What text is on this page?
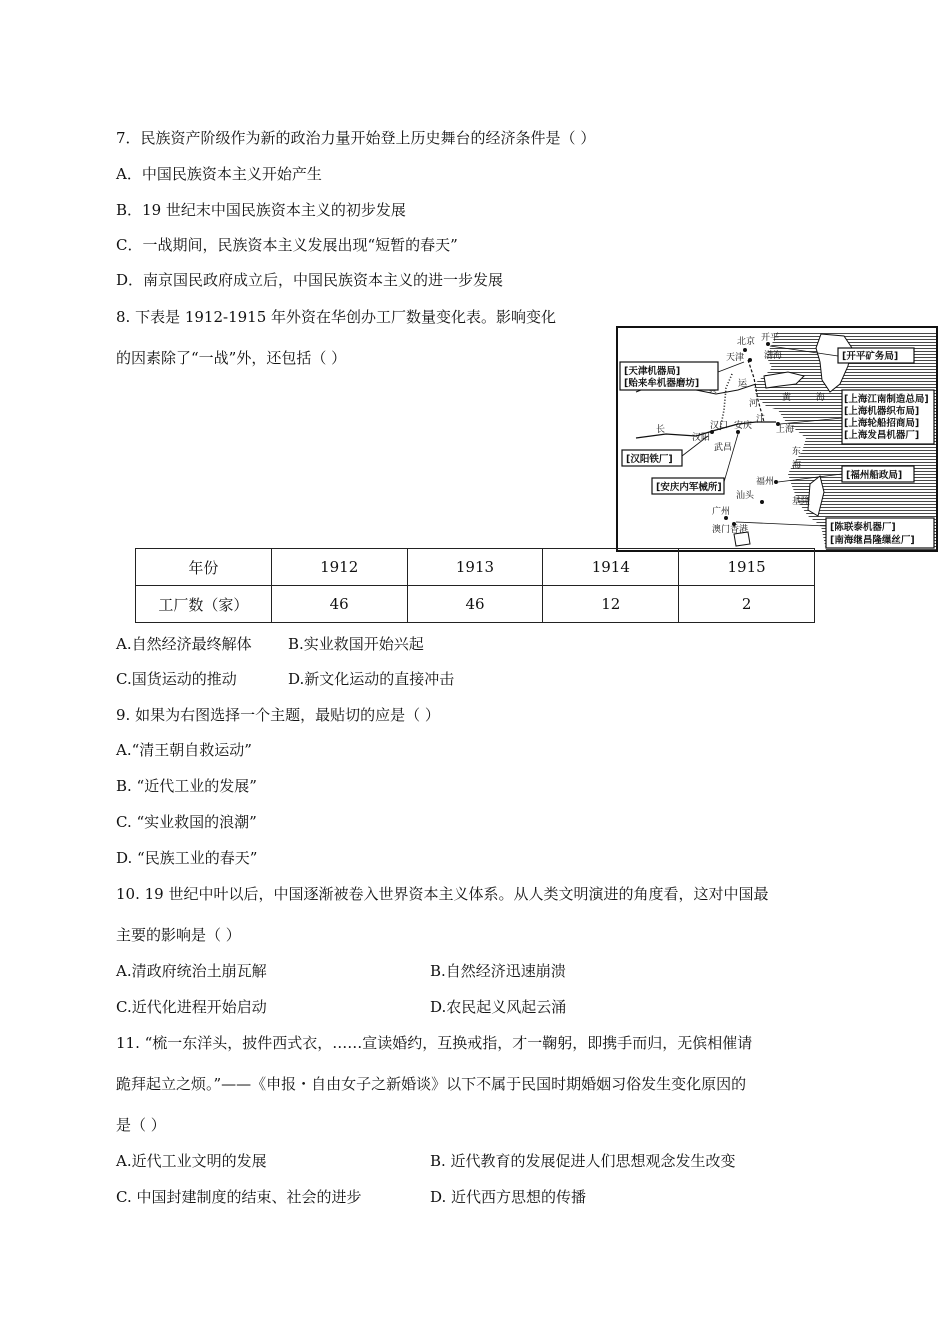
7．民族资产阶级作为新的政治力量开始登上历史舞台的经济条件是（ ）
A．中国民族资本主义开始产生
B．19 世纪末中国民族资本主义的初步发展
C．一战期间，民族资本主义发展出现“短暂的春天”
D．南京国民政府成立后，中国民族资本主义的进一步发展
8. 下表是 1912-1915 年外资在华创办工厂数量变化表。影响变化
的因素除了“一战”外，还包括（ ）
北京 开平
天津 渤海
运
河
黄	海
长
江
汉阳
汉口 安庆
武昌
上海
东
海
福州
汕头
基隆
广州
澳门 香港
[天津机器局]
[贻来牟机器磨坊]
[开平矿务局]
[上海江南制造总局]
[上海机器织布局]
[上海轮船招商局]
[上海发昌机器厂]
[汉阳铁厂]
[福州船政局]
[安庆内军械所]
[陈联泰机器厂]
[南海继昌隆缫丝厂]
年份	1912	1913	1914	1915
工厂数（家）	46	46	12	2
A.自然经济最终解体 B.实业救国开始兴起
C.国货运动的推动	D.新文化运动的直接冲击
9. 如果为右图选择一个主题，最贴切的应是（ ）
A.“清王朝自救运动”
B. “近代工业的发展”
C. “实业救国的浪潮”
D. “民族工业的春天”
10. 19 世纪中叶以后，中国逐渐被卷入世界资本主义体系。从人类文明演进的角度看，这对中国最
主要的影响是（ ）
A.清政府统治土崩瓦解	B.自然经济迅速崩溃
C.近代化进程开始启动	D.农民起义风起云涌
11. “梳一东洋头，披件西式衣，……宣读婚约，互换戒指，才一鞠躬，即携手而归，无傧相催请
跪拜起立之烦。”——《申报・自由女子之新婚谈》以下不属于民国时期婚姻习俗发生变化原因的
是（ ）
A.近代工业文明的发展	B. 近代教育的发展促进人们思想观念发生改变
C. 中国封建制度的结束、社会的进步	D. 近代西方思想的传播
